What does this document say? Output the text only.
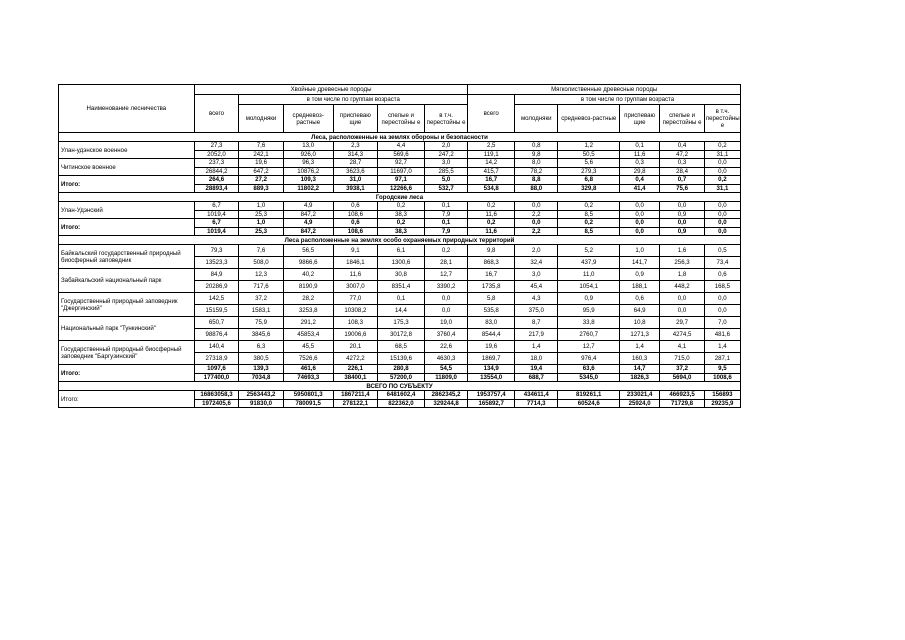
Наименование лесничества	Хвойные древесные породы						Мягколиственные древесные породы					
	всего	в том числе по группам возраста					всего	в том числе по группам возраста				
		молодняки	средневоз-растные	приспеваю щие	спелые и перестойны е	в т.ч. перестойны е		молодняки	средневоз-растные	приспеваю щие	спелые и перестойны е	в т.ч. перестойны е
Леса, расположенные на землях обороны и безопасности												
Улан-удэнское военное	27,3	7,6	13,0	2,3	4,4	2,0	2,5	0,8	1,2	0,1	0,4	0,2
	2052,0	242,1	926,0	314,3	569,6	247,2	119,1	9,8	50,5	11,6	47,2	31,1
Читинское военное	237,3	19,6	96,3	28,7	92,7	3,0	14,2	8,0	5,6	0,3	0,3	0,0
	26844,2	647,2	10876,2	3623,6	11697,0	285,5	415,7	78,2	279,3	29,8	28,4	0,0
Итого:	264,6	27,2	109,3	31,0	97,1	5,0	16,7	8,8	6,8	0,4	0,7	0,2
	28893,4	889,3	11802,2	3938,1	12266,6	532,7	534,8	88,0	329,8	41,4	75,6	31,1
Городские леса												
Улан-Удэнский	6,7	1,0	4,9	0,6	0,2	0,1	0,2	0,0	0,2	0,0	0,0	0,0
	1019,4	25,3	847,2	108,6	38,3	7,9	11,6	2,2	8,5	0,0	0,9	0,0
Итого:	6,7	1,0	4,9	0,6	0,2	0,1	0,2	0,0	0,2	0,0	0,0	0,0
	1019,4	25,3	847,2	108,6	38,3	7,9	11,6	2,2	8,5	0,0	0,9	0,0
Леса расположенные на землях особо охраняемых природных территорий												
Байкальский государственный природный биосферный заповедник	79,3	7,6	56,5	9,1	6,1	0,2	9,8	2,0	5,2	1,0	1,6	0,5
	13523,3	508,0	9866,6	1846,1	1300,6	28,1	868,3	32,4	437,9	141,7	256,3	73,4
Забайкальский национальный парк	84,9	12,3	40,2	11,6	30,8	12,7	16,7	3,0	11,0	0,9	1,8	0,6
	20286,9	717,6	8190,9	3007,0	8351,4	3390,2	1735,8	45,4	1054,1	188,1	448,2	168,5
Государственный природный заповедник "Джергинский"	142,5	37,2	28,2	77,0	0,1	0,0	5,8	4,3	0,9	0,6	0,0	0,0
	15159,5	1583,1	3253,8	10308,2	14,4	0,0	535,8	375,0	95,9	64,9	0,0	0,0
Национальный парк "Тункинский"	650,7	75,9	291,2	108,3	175,3	19,0	83,0	8,7	33,8	10,8	29,7	7,0
	98876,4	3845,6	45853,4	19006,6	30172,8	3760,4	8544,4	217,9	2760,7	1271,3	4274,5	481,6
Государственный природный биосферный заповедник "Баргузинский"	140,4	6,3	45,5	20,1	68,5	22,6	19,6	1,4	12,7	1,4	4,1	1,4
	27318,9	380,5	7526,6	4272,2	15139,6	4630,3	1869,7	18,0	976,4	160,3	715,0	287,1
Итого:	1097,6	139,3	461,6	226,1	280,8	54,5	134,9	19,4	63,6	14,7	37,2	9,5
	177400,0	7034,8	74693,3	38400,1	57200,0	11809,0	13554,0	688,7	5345,0	1826,3	5694,0	1008,6
ВСЕГО ПО СУБЪЕКТУ												
Итого:	16863058,3	2563443,2	5950801,3	1867211,4	6481602,4	2862345,2	1953757,4	434611,4	819261,1	233021,4	466923,5	156893
	1972405,6	91830,0	780091,5	278122,1	822362,0	329244,8	165892,7	7714,3	60524,6	25924,0	71729,8	29235,9
